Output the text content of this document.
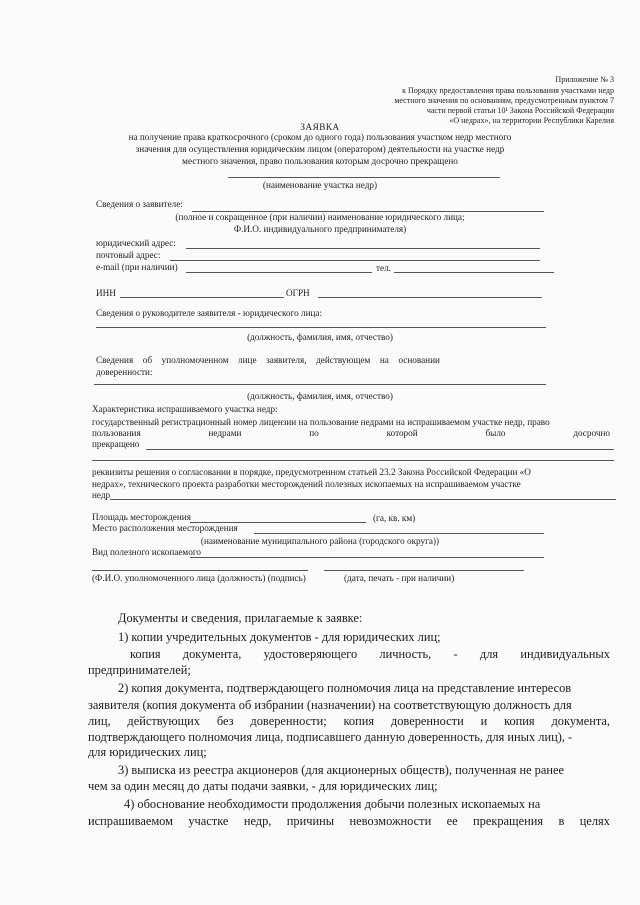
Приложение № 3
к Порядку предоставления права пользования участками недр
местного значения по основаниям, предусмотренным пунктом 7
части первой статьи 10¹ Закона Российской Федерации
«О недрах», на территории Республики Карелия
ЗАЯВКА
на получение права краткосрочного (сроком до одного года) пользования участком недр местного
значения для осуществления юридическим лицом (оператором) деятельности на участке недр
местного значения, право пользования которым досрочно прекращено
(наименование участка недр)
Сведения о заявителе:
(полное и сокращенное (при наличии) наименование юридического лица;
Ф.И.О. индивидуального предпринимателя)
юридический адрес:
почтовый адрес:
e-mail (при наличии)	тел.
ИНН	ОГРН
Сведения о руководителе заявителя - юридического лица:
(должность, фамилия, имя, отчество)
Сведения об уполномоченном лице заявителя, действующем на основании
доверенности:
(должность, фамилия, имя, отчество)
Характеристика испрашиваемого участка недр:
государственный регистрационный номер лицензии на пользование недрами на испрашиваемом участке недр, право
пользования	недрами	по	которой	было	досрочно
прекращено
реквизиты решения о согласовании в порядке, предусмотренном статьей 23.2 Закона Российской Федерации «О
недрах», технического проекта разработки месторождений полезных ископаемых на испрашиваемом участке
недр
Площадь месторождения	(га, кв. км)
Место расположения месторождения
(наименование муниципального района (городского округа))
Вид полезного ископаемого
(Ф.И.О. уполномоченного лица (должность) (подпись)	(дата, печать - при наличии)
Документы и сведения, прилагаемые к заявке:
1) копии учредительных документов - для юридических лиц;
копия документа, удостоверяющего личность, - для индивидуальных
предпринимателей;
2) копия документа, подтверждающего полномочия лица на представление интересов
заявителя (копия документа об избрании (назначении) на соответствующую должность для
лиц, действующих без доверенности; копия доверенности и копия документа,
подтверждающего полномочия лица, подписавшего данную доверенность, для иных лиц), -
для юридических лиц;
3) выписка из реестра акционеров (для акционерных обществ), полученная не ранее
чем за один месяц до даты подачи заявки, - для юридических лиц;
4) обоснование необходимости продолжения добычи полезных ископаемых на
испрашиваемом участке недр, причины невозможности ее прекращения в целях
